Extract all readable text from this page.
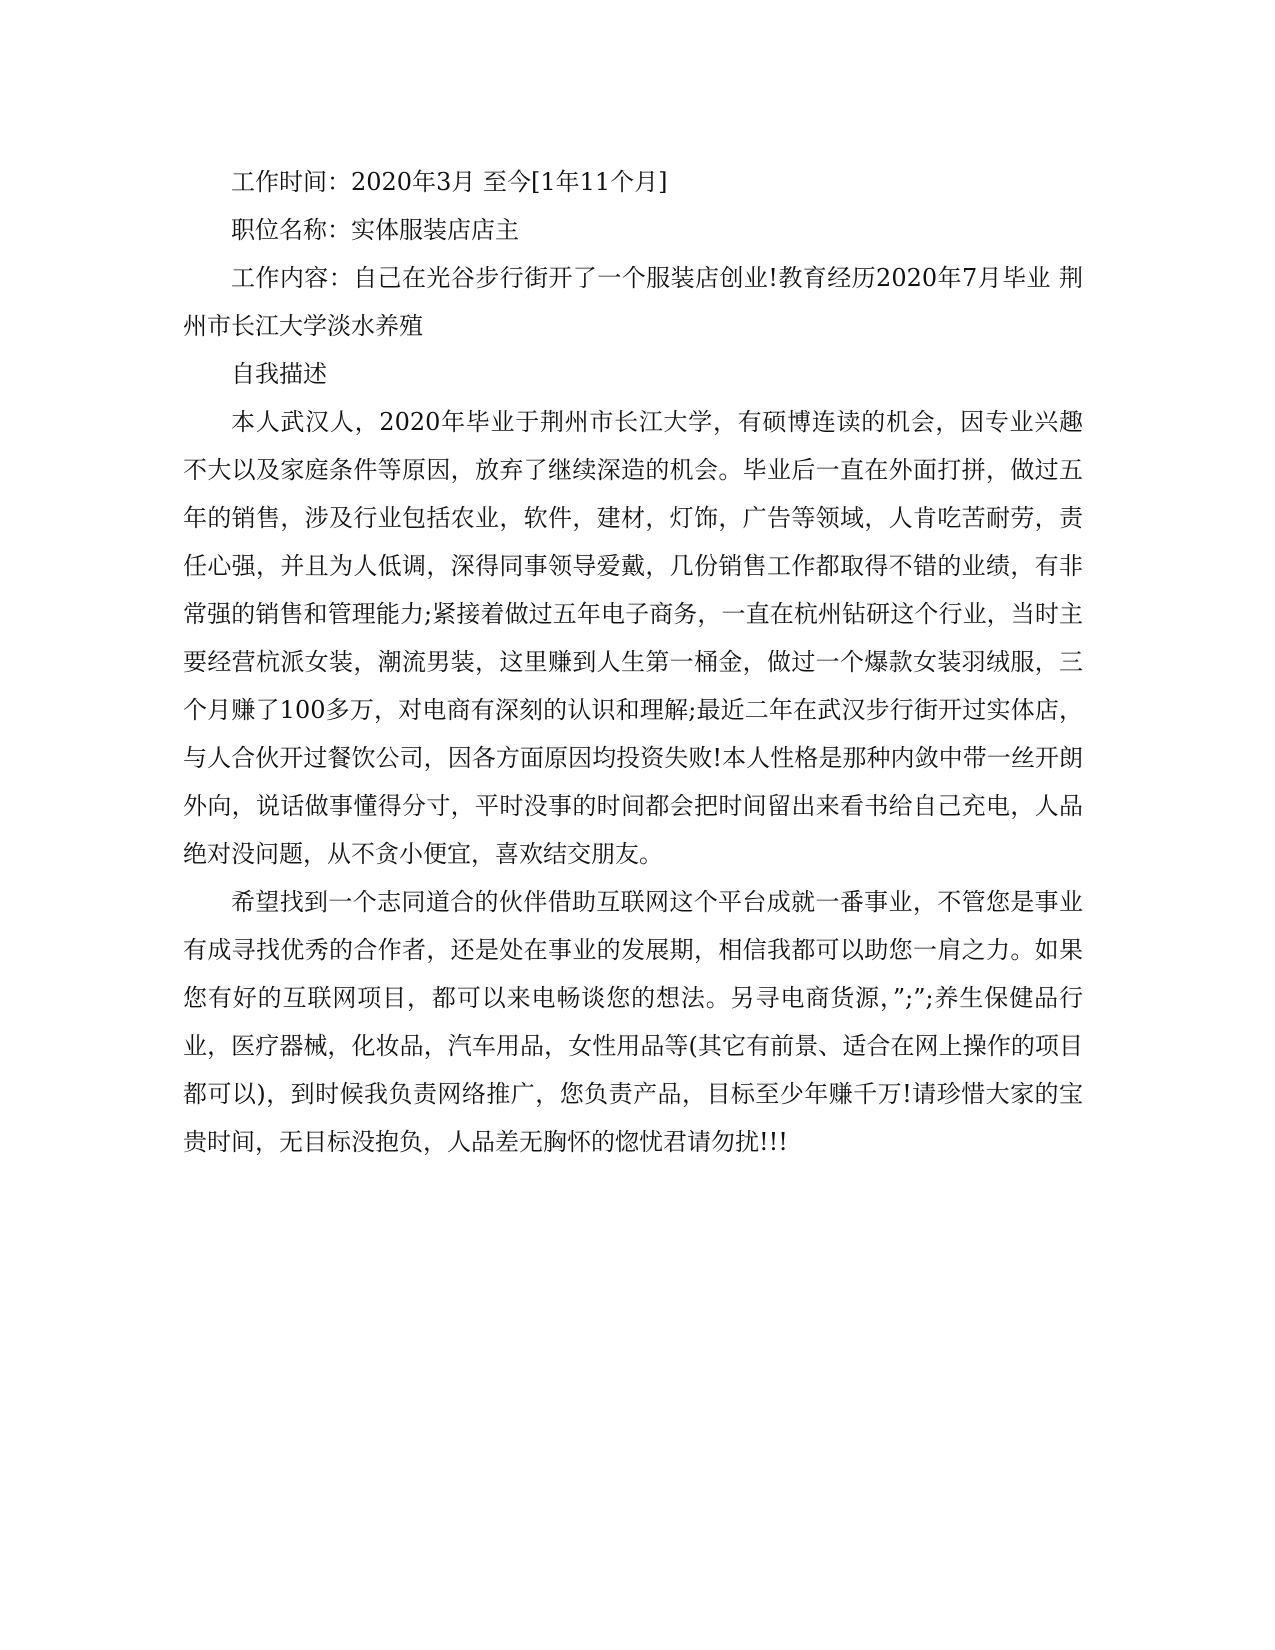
工作时间：2020年3月 至今[1年11个月]

职位名称：实体服装店店主

工作内容：自己在光谷步行街开了一个服装店创业!教育经历2020年7月毕业 荆州市长江大学淡水养殖

自我描述

本人武汉人，2020年毕业于荆州市长江大学，有硕博连读的机会，因专业兴趣不大以及家庭条件等原因，放弃了继续深造的机会。毕业后一直在外面打拼，做过五年的销售，涉及行业包括农业，软件，建材，灯饰，广告等领域，人肯吃苦耐劳，责任心强，并且为人低调，深得同事领导爱戴，几份销售工作都取得不错的业绩，有非常强的销售和管理能力;紧接着做过五年电子商务，一直在杭州钻研这个行业，当时主要经营杭派女装，潮流男装，这里赚到人生第一桶金，做过一个爆款女装羽绒服，三个月赚了100多万，对电商有深刻的认识和理解;最近二年在武汉步行街开过实体店，与人合伙开过餐饮公司，因各方面原因均投资失败!本人性格是那种内敛中带一丝开朗外向，说话做事懂得分寸，平时没事的时间都会把时间留出来看书给自己充电，人品绝对没问题，从不贪小便宜，喜欢结交朋友。

希望找到一个志同道合的伙伴借助互联网这个平台成就一番事业，不管您是事业有成寻找优秀的合作者，还是处在事业的发展期，相信我都可以助您一肩之力。如果您有好的互联网项目，都可以来电畅谈您的想法。另寻电商货源，”;”;养生保健品行业，医疗器械，化妆品，汽车用品，女性用品等(其它有前景、适合在网上操作的项目都可以)，到时候我负责网络推广，您负责产品，目标至少年赚千万!请珍惜大家的宝贵时间，无目标没抱负，人品差无胸怀的惚忧君请勿扰!!!
